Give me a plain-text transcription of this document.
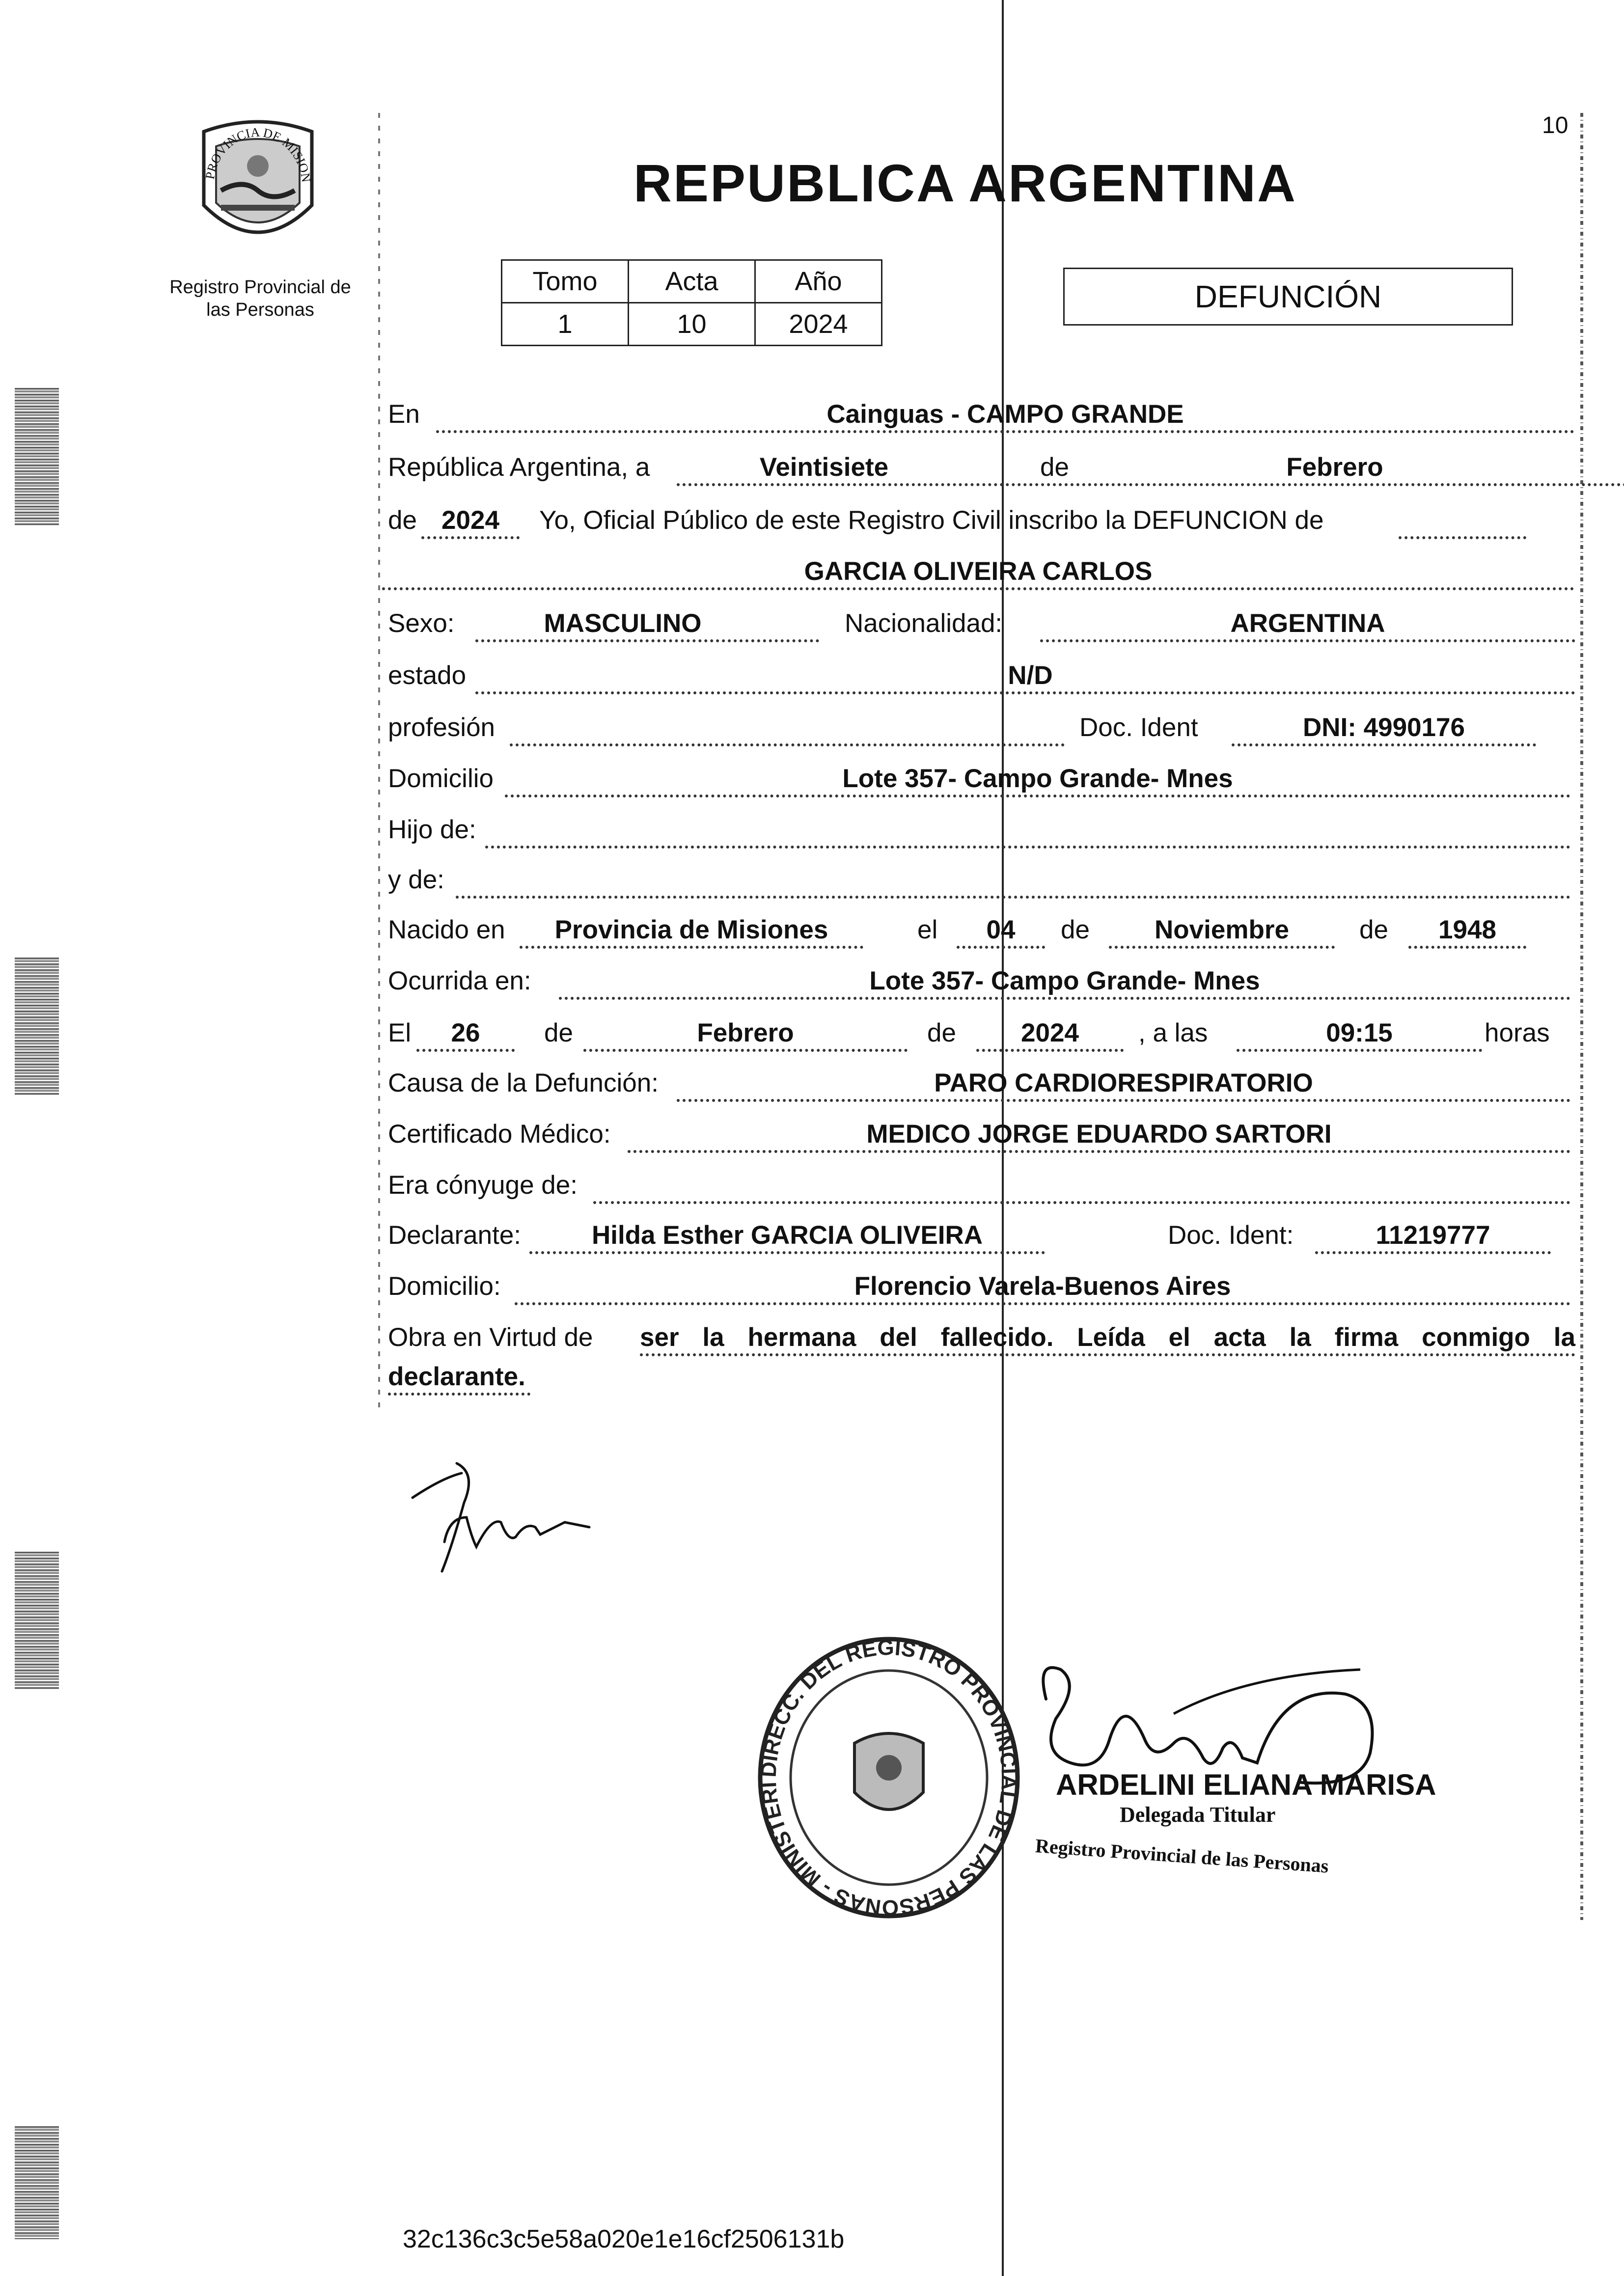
10
PROVINCIA DE MISION
Registro Provincial de
las Personas
REPUBLICA ARGENTINA
Tomo	Acta	Año
1	10	2024
DEFUNCIÓN
En	Cainguas - CAMPO GRANDE
República Argentina, a	Veintisiete	de	Febrero
de 2024	Yo, Oficial Público de este Registro Civil inscribo la DEFUNCION de
GARCIA OLIVEIRA CARLOS
Sexo:	MASCULINO	Nacionalidad:	ARGENTINA
estado	N/D
profesión	Doc. Ident	DNI: 4990176
Domicilio	Lote 357- Campo Grande- Mnes
Hijo de:
y de:
Nacido en	Provincia de Misiones	el	04	de	Noviembre	de	1948
Ocurrida en:	Lote 357- Campo Grande- Mnes
El	26	de	Febrero	de	2024	, a las	09:15	horas
Causa de la Defunción:	PARO CARDIORESPIRATORIO
Certificado Médico:	MEDICO JORGE EDUARDO SARTORI
Era cónyuge de:
Declarante:	Hilda Esther GARCIA OLIVEIRA	Doc. Ident:	11219777
Domicilio:	Florencio Varela-Buenos Aires
Obra en Virtud de ser la hermana del fallecido. Leída el acta la firma conmigo la
declarante.
DIRECC. DEL REGISTRO PROVINCIAL DE LAS PERSONAS - MINISTERI	ARDELINI ELIANA MARISA
Delegada Titular
Registro Provincial de las Personas
32c136c3c5e58a020e1e16cf2506131b
